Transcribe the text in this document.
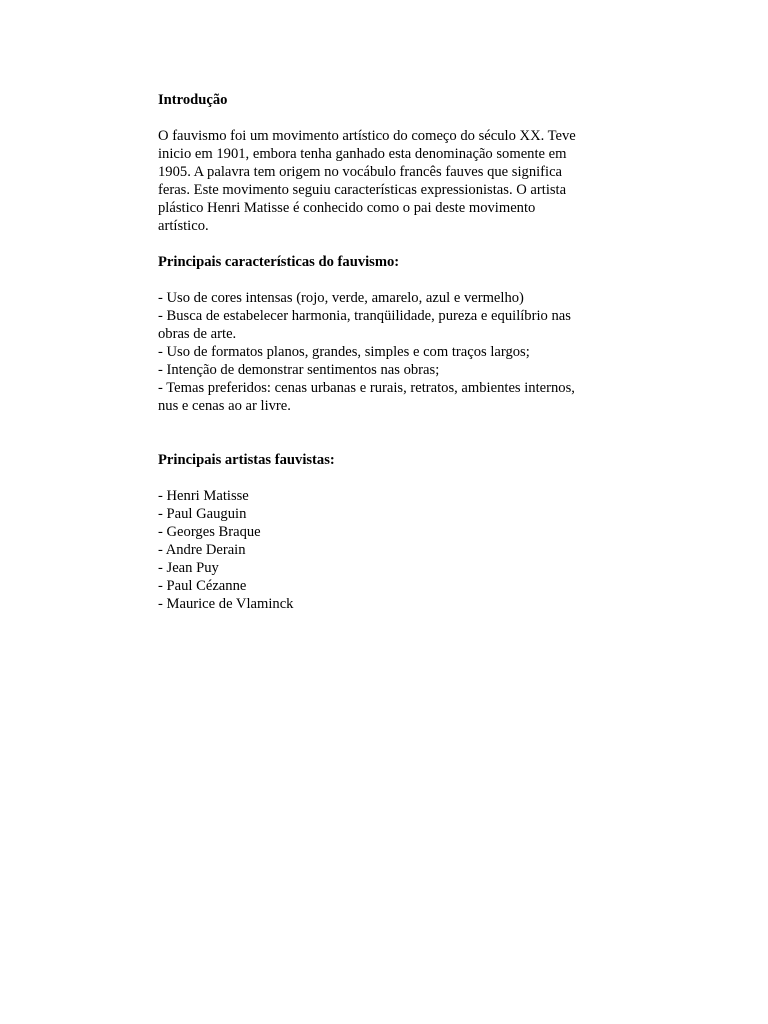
Introdução
O fauvismo foi um movimento artístico do começo do século XX. Teve
inicio em 1901, embora tenha ganhado esta denominação somente em
1905. A palavra tem origem no vocábulo francês fauves que significa
feras. Este movimento seguiu características expressionistas. O artista
plástico Henri Matisse é conhecido como o pai deste movimento
artístico.
Principais características do fauvismo:
- Uso de cores intensas (rojo, verde, amarelo, azul e vermelho)
- Busca de estabelecer harmonia, tranqüilidade, pureza e equilíbrio nas
obras de arte.
- Uso de formatos planos, grandes, simples e com traços largos;
- Intenção de demonstrar sentimentos nas obras;
- Temas preferidos: cenas urbanas e rurais, retratos, ambientes internos,
nus e cenas ao ar livre.
Principais artistas fauvistas:
- Henri Matisse
- Paul Gauguin
- Georges Braque
- Andre Derain
- Jean Puy
- Paul Cézanne
- Maurice de Vlaminck
